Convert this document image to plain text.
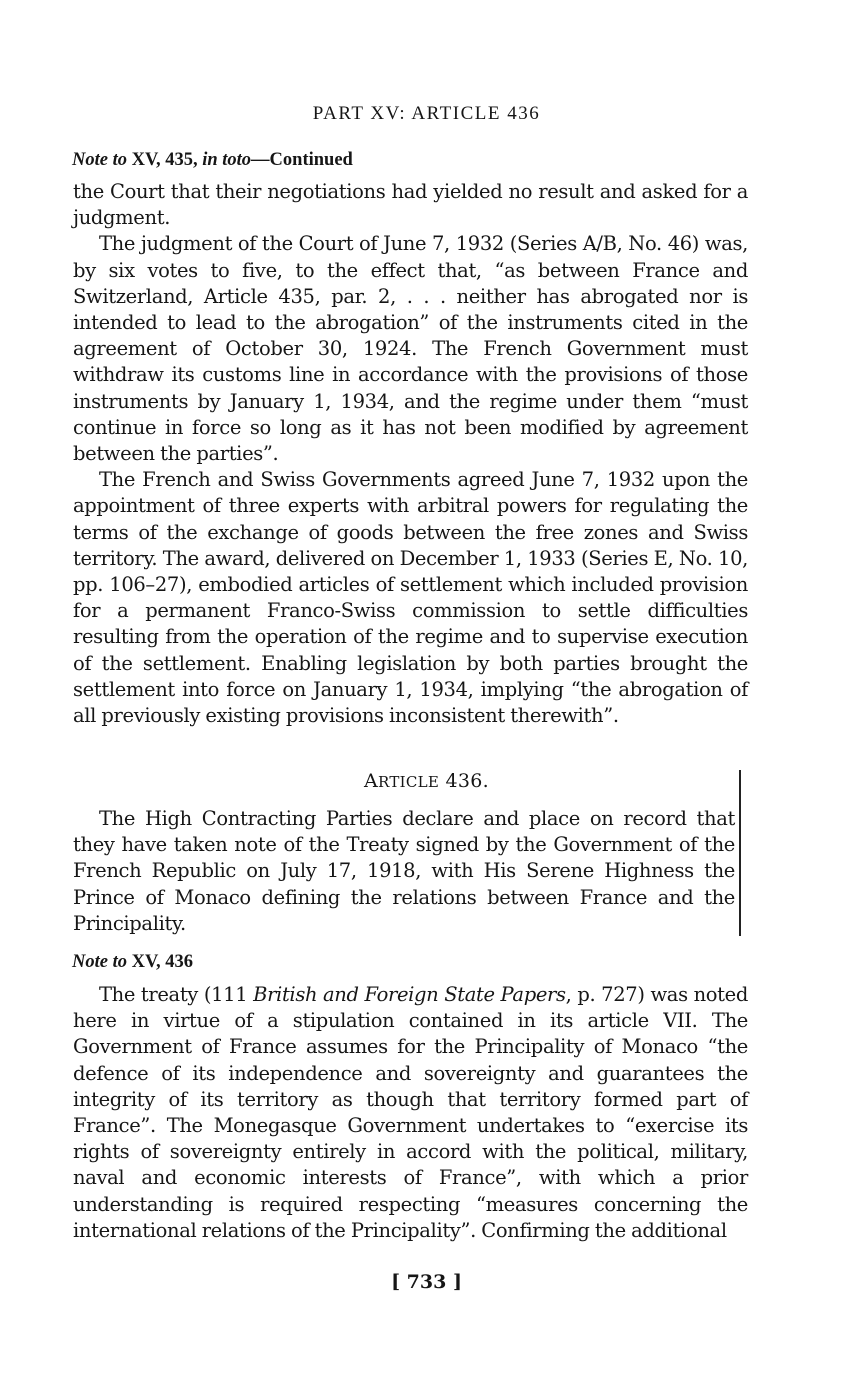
PART XV: ARTICLE 436
Note to XV, 435, in toto—Continued

the Court that their negotiations had yielded no result and asked for a judgment.

The judgment of the Court of June 7, 1932 (Series A/B, No. 46) was, by six votes to five, to the effect that, “as between France and Switzerland, Article 435, par. 2, . . . neither has abrogated nor is intended to lead to the abrogation” of the instruments cited in the agreement of October 30, 1924. The French Government must withdraw its customs line in accordance with the provisions of those instruments by January 1, 1934, and the regime under them “must continue in force so long as it has not been modified by agreement between the parties”.

The French and Swiss Governments agreed June 7, 1932 upon the appointment of three experts with arbitral powers for regulating the terms of the exchange of goods between the free zones and Swiss territory. The award, delivered on December 1, 1933 (Series E, No. 10, pp. 106–27), embodied articles of settlement which included provision for a permanent Franco-Swiss commission to settle difficulties resulting from the operation of the regime and to supervise execution of the settlement. Enabling legislation by both parties brought the settlement into force on January 1, 1934, implying “the abrogation of all previously existing provisions inconsistent therewith”.

ARTICLE 436.

The High Contracting Parties declare and place on record that they have taken note of the Treaty signed by the Government of the French Republic on July 17, 1918, with His Serene Highness the Prince of Monaco defining the relations between France and the Principality.

Note to XV, 436

The treaty (111 British and Foreign State Papers, p. 727) was noted here in virtue of a stipulation contained in its article VII. The Government of France assumes for the Principality of Monaco “the defence of its independence and sovereignty and guarantees the integrity of its territory as though that territory formed part of France”. The Monegasque Government undertakes to “exercise its rights of sovereignty entirely in accord with the political, military, naval and economic interests of France”, with which a prior understanding is required respecting “measures concerning the international relations of the Principality”. Confirming the additional

[ 733 ]
